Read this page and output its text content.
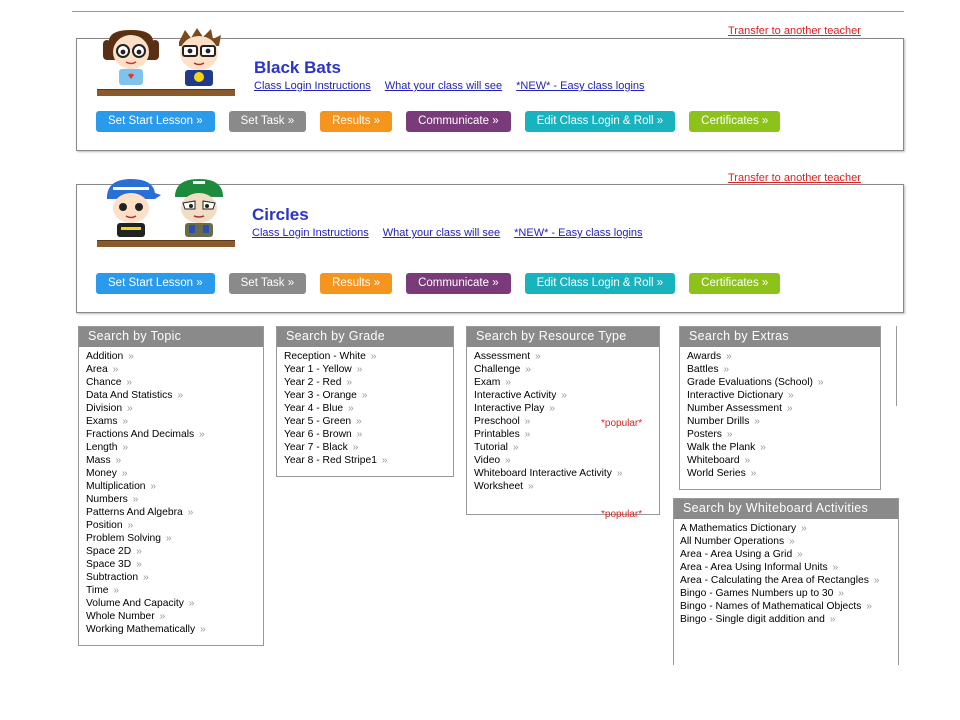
Transfer to another teacher
Black Bats
Class Login Instructions What your class will see *NEW* - Easy class logins
Set Start Lesson »	Set Task »	Results »	Communicate »	Edit Class Login & Roll »	Certificates »
Transfer to another teacher
Circles
Class Login Instructions What your class will see *NEW* - Easy class logins
Set Start Lesson »	Set Task »	Results »	Communicate »	Edit Class Login & Roll »	Certificates »
Search by Topic
Addition »
Area »
Chance »
Data And Statistics »
Division »
Exams »
Fractions And Decimals »
Length »
Mass »
Money »
Multiplication »
Numbers »
Patterns And Algebra »
Position »
Problem Solving »
Space 2D »
Space 3D »
Subtraction »
Time »
Volume And Capacity »
Whole Number »
Working Mathematically »
Search by Grade
Reception - White »
Year 1 - Yellow »
Year 2 - Red »
Year 3 - Orange »
Year 4 - Blue »
Year 5 - Green »
Year 6 - Brown »
Year 7 - Black »
Year 8 - Red Stripe1 »
Search by Resource Type
Assessment »
Challenge »
Exam »
Interactive Activity »
Interactive Play »
Preschool »
Printables »
Tutorial »
Video »
Whiteboard Interactive Activity »
Worksheet »
*popular*
*popular*
Search by Extras
Awards »
Battles »
Grade Evaluations (School) »
Interactive Dictionary »
Number Assessment »
Number Drills »
Posters »
Walk the Plank »
Whiteboard »
World Series »
Search by Whiteboard Activities
A Mathematics Dictionary »
All Number Operations »
Area - Area Using a Grid »
Area - Area Using Informal Units »
Area - Calculating the Area of Rectangles »
Bingo - Games Numbers up to 30 »
Bingo - Names of Mathematical Objects »
Bingo - Single digit addition and »
